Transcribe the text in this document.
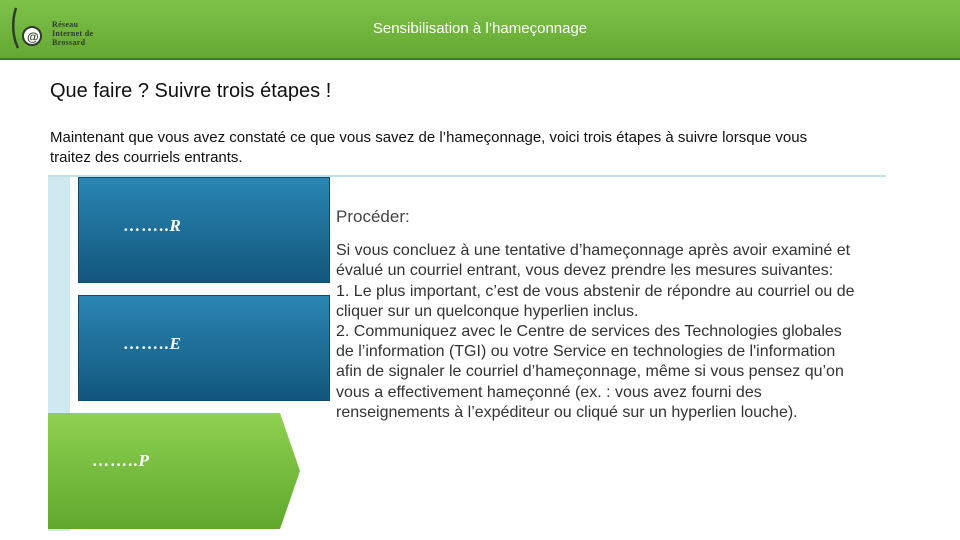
@
Réseau
Internet de
Brossard
Sensibilisation à l’hameçonnage
Que faire ? Suivre trois étapes !
Maintenant que vous avez constaté ce que vous savez de l’hameçonnage, voici trois étapes à suivre lorsque vous traitez des courriels entrants.
……..R
……..E
……..P
Procéder:
Si vous concluez à une tentative d’hameçonnage après avoir examiné et évalué un courriel entrant, vous devez prendre les mesures suivantes:
1. Le plus important, c’est de vous abstenir de répondre au courriel ou de cliquer sur un quelconque hyperlien inclus.
2. Communiquez avec le Centre de services des Technologies globales de l’information (TGI) ou votre Service en technologies de l'information afin de signaler le courriel d’hameçonnage, même si vous pensez qu’on vous a effectivement hameçonné (ex. : vous avez fourni des renseignements à l’expéditeur ou cliqué sur un hyperlien louche).
